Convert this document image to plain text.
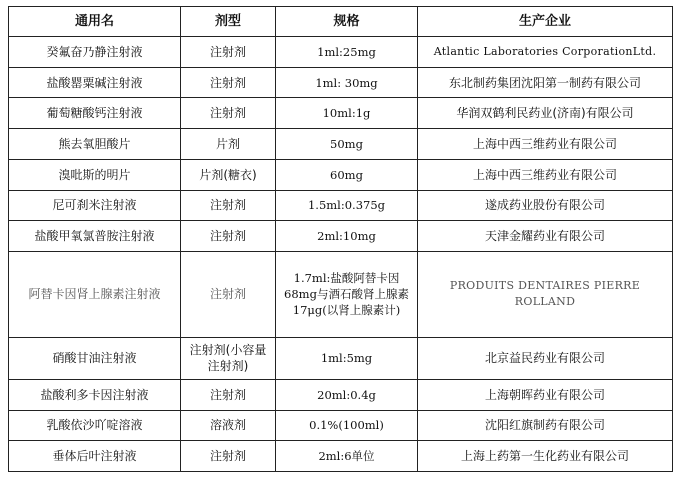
通用名	剂型	规格	生产企业
癸氟奋乃静注射液	注射剂	1ml:25mg	Atlantic Laboratories CorporationLtd.
盐酸罂粟碱注射液	注射剂	1ml: 30mg	东北制药集团沈阳第一制药有限公司
葡萄糖酸钙注射液	注射剂	10ml:1g	华润双鹤利民药业(济南)有限公司
熊去氧胆酸片	片剂	50mg	上海中西三维药业有限公司
溴吡斯的明片	片剂(糖衣)	60mg	上海中西三维药业有限公司
尼可刹米注射液	注射剂	1.5ml:0.375g	遂成药业股份有限公司
盐酸甲氧氯普胺注射液	注射剂	2ml:10mg	天津金耀药业有限公司
阿替卡因肾上腺素注射液	注射剂	1.7ml:盐酸阿替卡因 68mg与酒石酸肾上腺素 17μg(以肾上腺素计)	PRODUITS DENTAIRES PIERRE ROLLAND
硝酸甘油注射液	注射剂(小容量注射剂)	1ml:5mg	北京益民药业有限公司
盐酸利多卡因注射液	注射剂	20ml:0.4g	上海朝晖药业有限公司
乳酸依沙吖啶溶液	溶液剂	0.1%(100ml)	沈阳红旗制药有限公司
垂体后叶注射液	注射剂	2ml:6单位	上海上药第一生化药业有限公司
